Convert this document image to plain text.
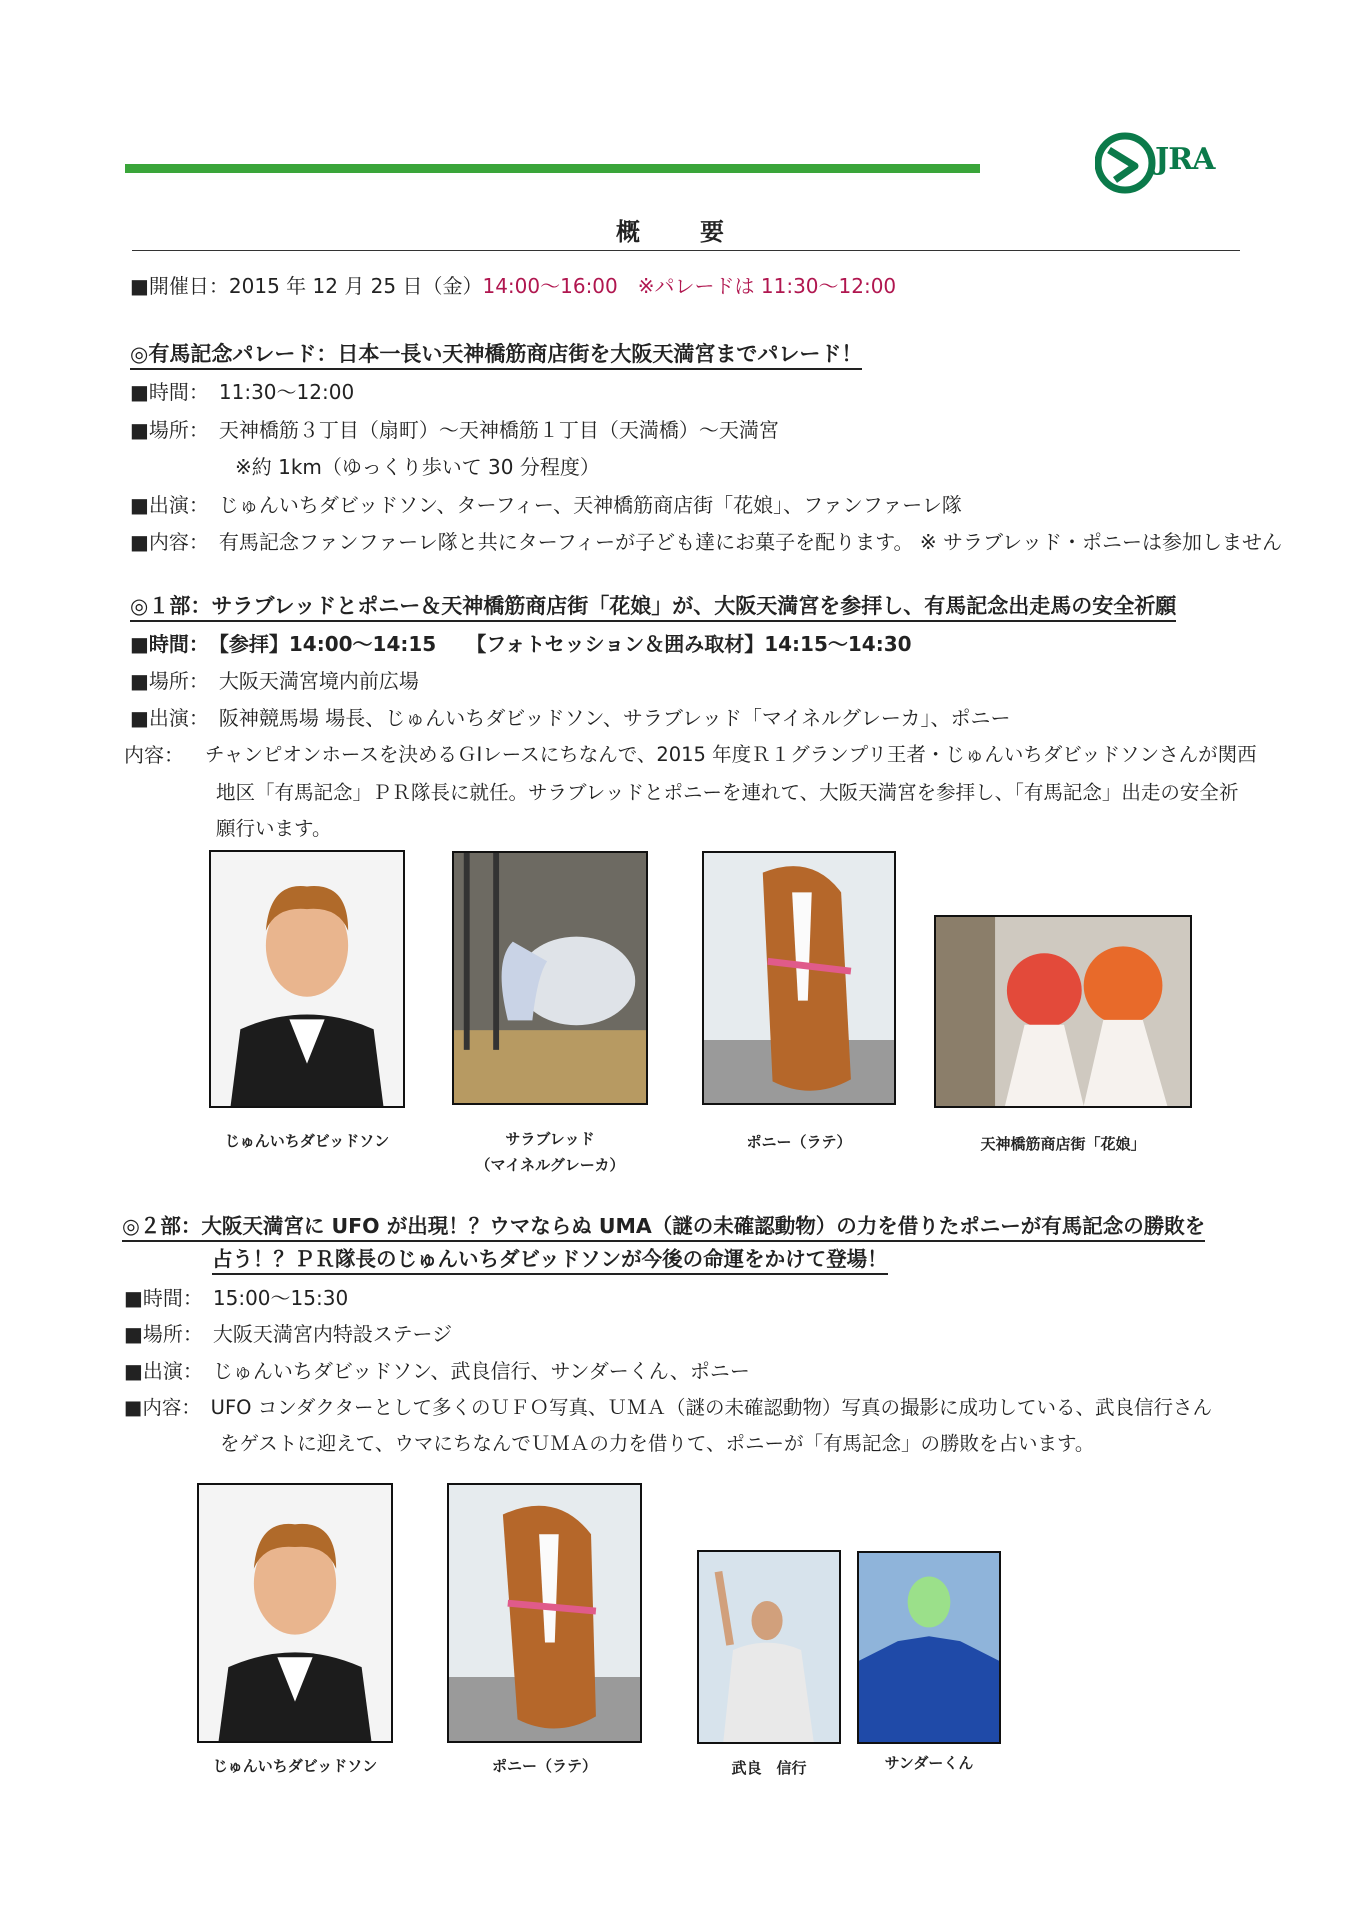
JRA
概　要
■開催日：2015 年 12 月 25 日（金）14:00～16:00　 ※パレードは 11:30～12:00
◎有馬記念パレード：日本一長い天神橋筋商店街を大阪天満宮までパレード！
■時間：　11:30～12:00
■場所：　天神橋筋３丁目（扇町）～天神橋筋１丁目（天満橋）～天満宮
※約 1km（ゆっくり歩いて 30 分程度）
■出演：　じゅんいちダビッドソン、ターフィー、天神橋筋商店街「花娘」、ファンファーレ隊
■内容：　有馬記念ファンファーレ隊と共にターフィーが子ども達にお菓子を配ります。 ※ サラブレッド・ポニーは参加しません
◎１部：サラブレッドとポニー＆天神橋筋商店街「花娘」が、大阪天満宮を参拝し、有馬記念出走馬の安全祈願
■時間：　【参拝】14:00～14:15　　【フォトセッション＆囲み取材】14:15～14:30
■場所：　大阪天満宮境内前広場
■出演：　阪神競馬場 場長、じゅんいちダビッドソン、サラブレッド「マイネルグレーカ」、ポニー
内容： チャンピオンホースを決めるＧⅠレースにちなんで、2015 年度Ｒ１グランプリ王者・じゅんいちダビッドソンさんが関西
地区「有馬記念」ＰＲ隊長に就任。サラブレッドとポニーを連れて、大阪天満宮を参拝し、「有馬記念」出走の安全祈
願行います。
じゅんいちダビッドソン	サラブレッド
（マイネルグレーカ）
ポニー（ラテ）	天神橋筋商店街「花娘」
◎２部：大阪天満宮に UFO が出現！？ウマならぬ UMA（謎の未確認動物）の力を借りたポニーが有馬記念の勝敗を
占う！？ＰＲ隊長のじゅんいちダビッドソンが今後の命運をかけて登場！
■時間：　15:00～15:30
■場所：　大阪天満宮内特設ステージ
■出演：　じゅんいちダビッドソン、武良信行、サンダーくん、ポニー
■内容：　UFO コンダクターとして多くのＵＦＯ写真、ＵＭＡ（謎の未確認動物）写真の撮影に成功している、武良信行さん
をゲストに迎えて、ウマにちなんでＵＭＡの力を借りて、ポニーが「有馬記念」の勝敗を占います。
じゅんいちダビッドソン	ポニー（ラテ）	武良　信行	サンダーくん
